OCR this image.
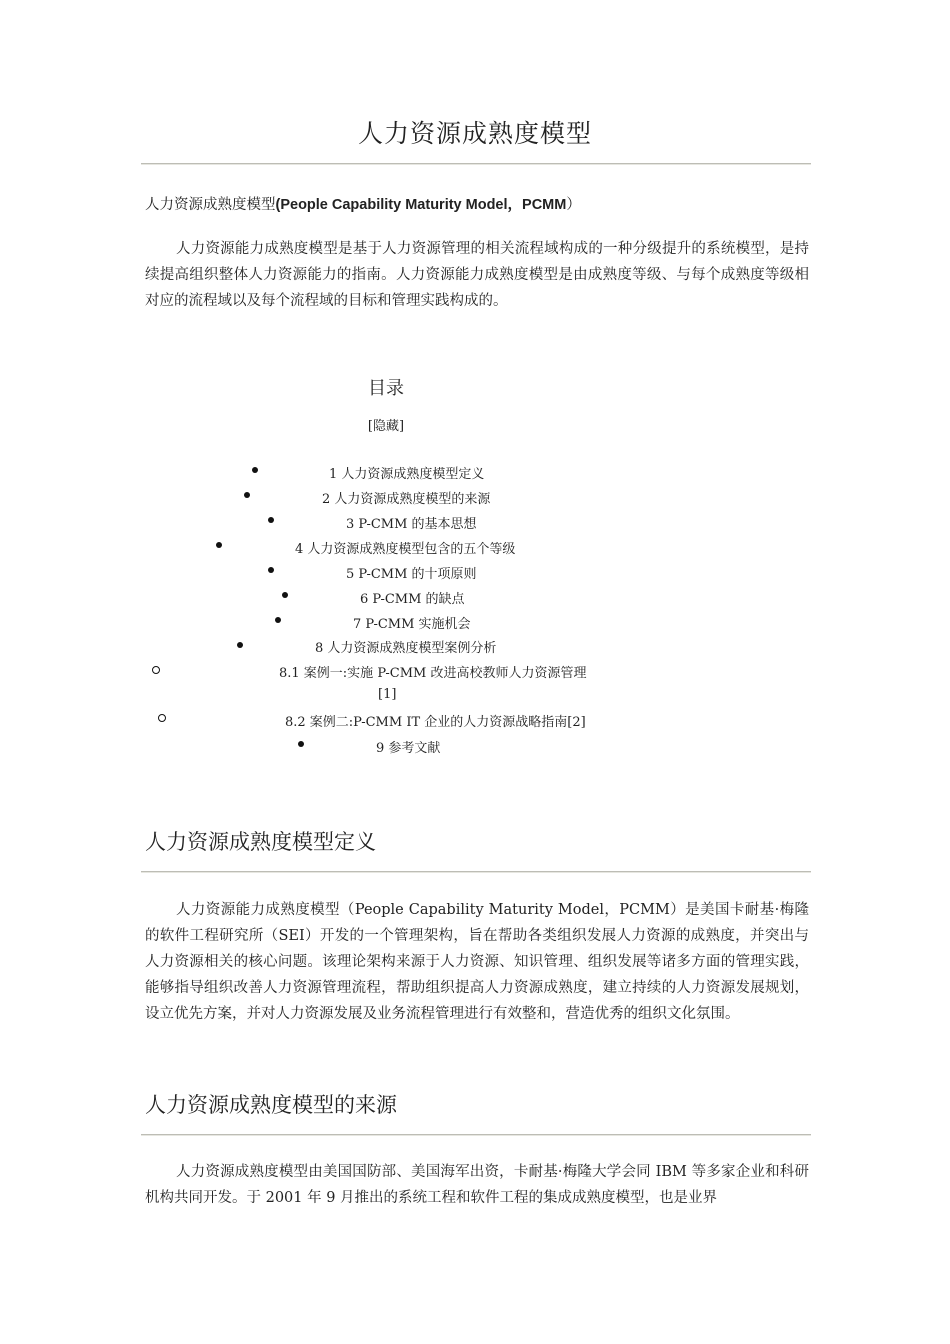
人力资源成熟度模型
人力资源成熟度模型(People Capability Maturity Model，PCMM）
人力资源能力成熟度模型是基于人力资源管理的相关流程域构成的一种分级提升的系统模型，是持续提高组织整体人力资源能力的指南。人力资源能力成熟度模型是由成熟度等级、与每个成熟度等级相对应的流程域以及每个流程域的目标和管理实践构成的。
目录
[隐藏]
1 人力资源成熟度模型定义
2 人力资源成熟度模型的来源
3 P-CMM 的基本思想
4 人力资源成熟度模型包含的五个等级
5 P-CMM 的十项原则
6 P-CMM 的缺点
7 P-CMM 实施机会
8 人力资源成熟度模型案例分析
8.1 案例一:实施 P-CMM 改进高校教师人力资源管理
[1]
8.2 案例二:P-CMM IT 企业的人力资源战略指南[2]
9 参考文献
人力资源成熟度模型定义
人力资源能力成熟度模型（People Capability Maturity Model，PCMM）是美国卡耐基·梅隆的软件工程研究所（SEI）开发的一个管理架构，旨在帮助各类组织发展人力资源的成熟度，并突出与人力资源相关的核心问题。该理论架构来源于人力资源、知识管理、组织发展等诸多方面的管理实践，能够指导组织改善人力资源管理流程，帮助组织提高人力资源成熟度，建立持续的人力资源发展规划，设立优先方案，并对人力资源发展及业务流程管理进行有效整和，营造优秀的组织文化氛围。
人力资源成熟度模型的来源
人力资源成熟度模型由美国国防部、美国海军出资，卡耐基·梅隆大学会同 IBM 等多家企业和科研机构共同开发。于 2001 年 9 月推出的系统工程和软件工程的集成成熟度模型，也是业界
